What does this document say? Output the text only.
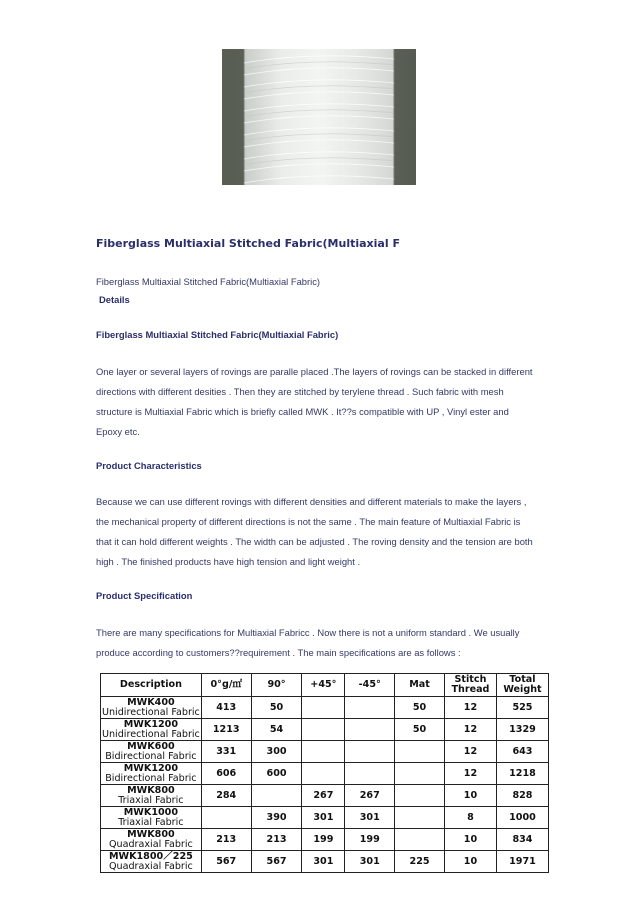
Fiberglass Multiaxial Stitched Fabric(Multiaxial F
Fiberglass Multiaxial Stitched Fabric(Multiaxial Fabric)
Details
Fiberglass Multiaxial Stitched Fabric(Multiaxial Fabric)
One layer or several layers of rovings are paralle placed .The layers of rovings can be stacked in different
directions with different desities . Then they are stitched by terylene thread . Such fabric with mesh
structure is Multiaxial Fabric which is briefly called MWK . It??s compatible with UP , Vinyl ester and
Epoxy etc.
Product Characteristics
Because we can use different rovings with different densities and different materials to make the layers ,
the mechanical property of different directions is not the same . The main feature of Multiaxial Fabric is
that it can hold different weights . The width can be adjusted . The roving density and the tension are both
high . The finished products have high tension and light weight .
Product Specification
There are many specifications for Multiaxial Fabricc . Now there is not a uniform standard . We usually
produce according to customers??requirement . The main specifications are as follows :
Description	0°g/㎡	90°	+45°	-45°	Mat	Stitch Thread	Total Weight

MWK400
Unidirectional Fabric	413	50			50	12	525

MWK1200
Unidirectional Fabric	1213	54			50	12	1329

MWK600
Bidirectional Fabric	331	300				12	643

MWK1200
Bidirectional Fabric	606	600				12	1218

MWK800
Triaxial Fabric	284		267	267		10	828

MWK1000
Triaxial Fabric		390	301	301		8	1000

MWK800
Quadraxial Fabric	213	213	199	199		10	834

MWK1800／225
Quadraxial Fabric	567	567	301	301	225	10	1971
